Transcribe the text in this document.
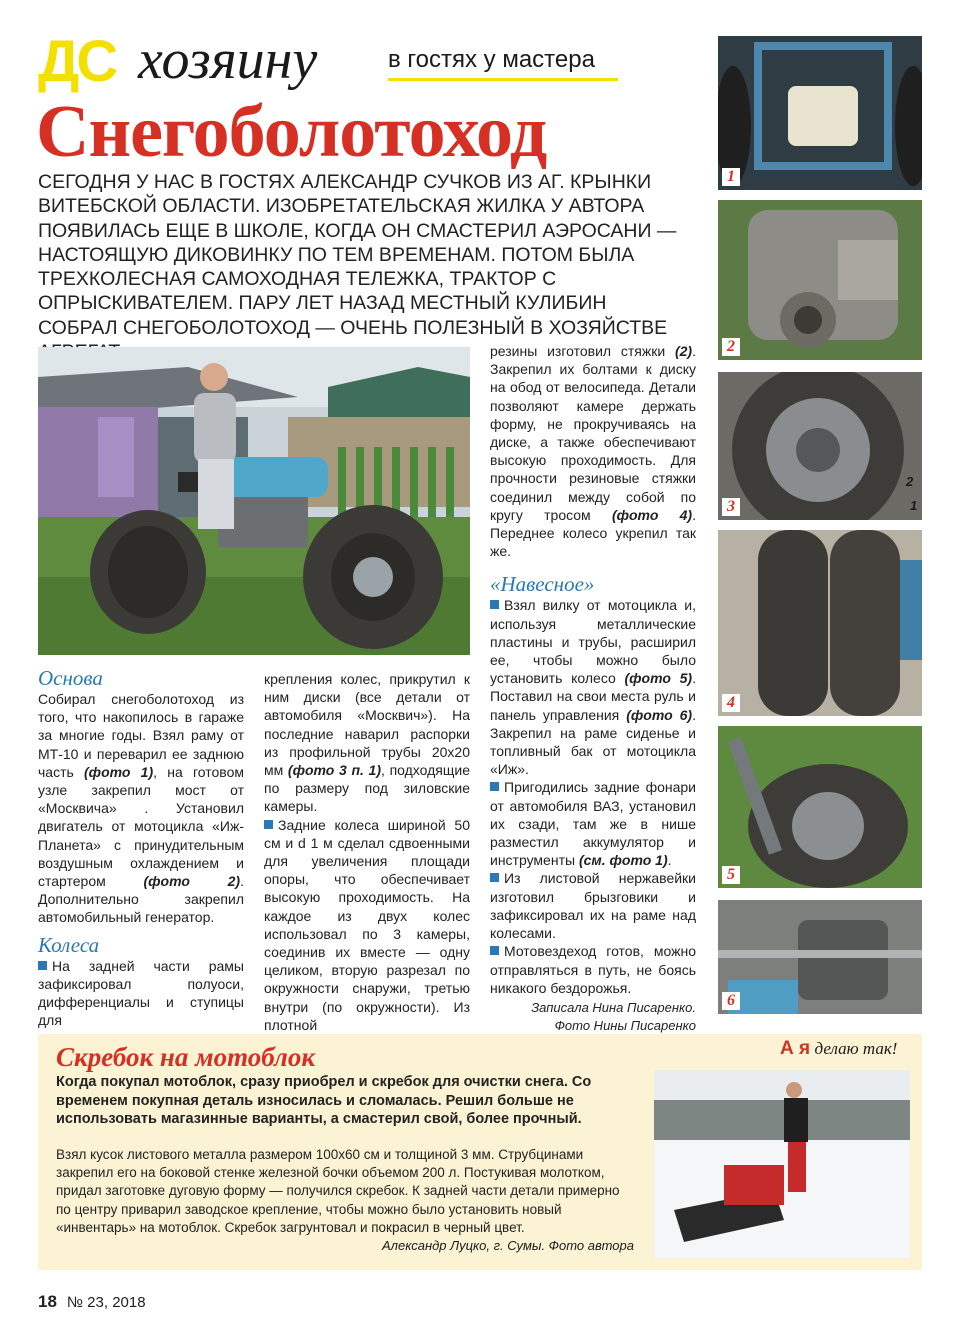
ДС хозяину	в гостях у мастера
Снегоболотоход
СЕГОДНЯ У НАС В ГОСТЯХ АЛЕКСАНДР СУЧКОВ ИЗ АГ. КРЫНКИ ВИТЕБСКОЙ ОБЛАСТИ. ИЗОБРЕТАТЕЛЬСКАЯ ЖИЛКА У АВТОРА ПОЯВИЛАСЬ ЕЩЕ В ШКОЛЕ, КОГДА ОН СМАСТЕРИЛ АЭРОСАНИ — НАСТОЯЩУЮ ДИКОВИНКУ ПО ТЕМ ВРЕМЕНАМ. ПОТОМ БЫЛА ТРЕХКОЛЕСНАЯ САМОХОДНАЯ ТЕЛЕЖКА, ТРАКТОР С ОПРЫСКИВАТЕЛЕМ. ПАРУ ЛЕТ НАЗАД МЕСТНЫЙ КУЛИБИН СОБРАЛ СНЕГОБОЛОТОХОД — ОЧЕНЬ ПОЛЕЗНЫЙ В ХОЗЯЙСТВЕ
Основа
Собирал снегоболотоход из того, что накопилось в гараже за многие годы. Взял раму от МТ-10 и переварил ее заднюю часть (фото 1), на готовом узле закрепил мост от «Москвича» . Установил двигатель от мотоцикла «Иж-Планета» с принудительным воздушным охлаждением и стартером (фото 2). Дополнительно закрепил автомобильный генератор.
Колеса
На задней части рамы зафиксировал полуоси, дифференциалы и ступицы для
крепления колес, прикрутил к ним диски (все детали от автомобиля «Москвич»). На последние наварил распорки из профильной трубы 20х20 мм (фото 3 п. 1), подходящие по размеру под зиловские камеры.
Задние колеса шириной 50 см и d 1 м сделал сдвоенными для увеличения площади опоры, что обеспечивает высокую проходимость. На каждое из двух колес использовал по 3 камеры, соединив их вместе — одну целиком, вторую разрезал по окружности снаружи, третью внутри (по окружности). Из плотной
резины изготовил стяжки (2). Закрепил их болтами к диску на обод от велосипеда. Детали позволяют камере держать форму, не прокручиваясь на диске, а также обеспечивают высокую проходимость. Для прочности резиновые стяжки соединил между собой по кругу тросом (фото 4). Переднее колесо укрепил так же.
«Навесное»
Взял вилку от мотоцикла и, используя металлические пластины и трубы, расширил ее, чтобы можно было установить колесо (фото 5). Поставил на свои места руль и панель управления (фото 6). Закрепил на раме сиденье и топливный бак от мотоцикла «Иж».
Пригодились задние фонари от автомобиля ВАЗ, установил их сзади, там же в нише разместил аккумулятор и инструменты (см. фото 1).
Из листовой нержавейки изготовил брызговики и зафиксировал их на раме над колесами.
Мотовездеход готов, можно отправляться в путь, не боясь никакого бездорожья.
Записала Нина Писаренко.
Фото Нины Писаренко
1
2
3
2
1
4
5
6
Скребок на мотоблок	А я делаю так!
Когда покупал мотоблок, сразу приобрел и скребок для очистки снега. Со временем покупная деталь износилась и сломалась. Решил больше не использовать магазинные варианты, а смастерил свой, более прочный.
Взял кусок листового металла размером 100х60 см и толщиной 3 мм. Струбцинами закрепил его на боковой стенке железной бочки объемом 200 л. Постукивая молотком, придал заготовке дуговую форму — получился скребок. К задней части детали примерно по центру приварил заводское крепление, чтобы можно было установить новый «инвентарь» на мотоблок. Скребок загрунтовал и покрасил в черный цвет.
Александр Луцко, г. Сумы. Фото автора
18 № 23, 2018
